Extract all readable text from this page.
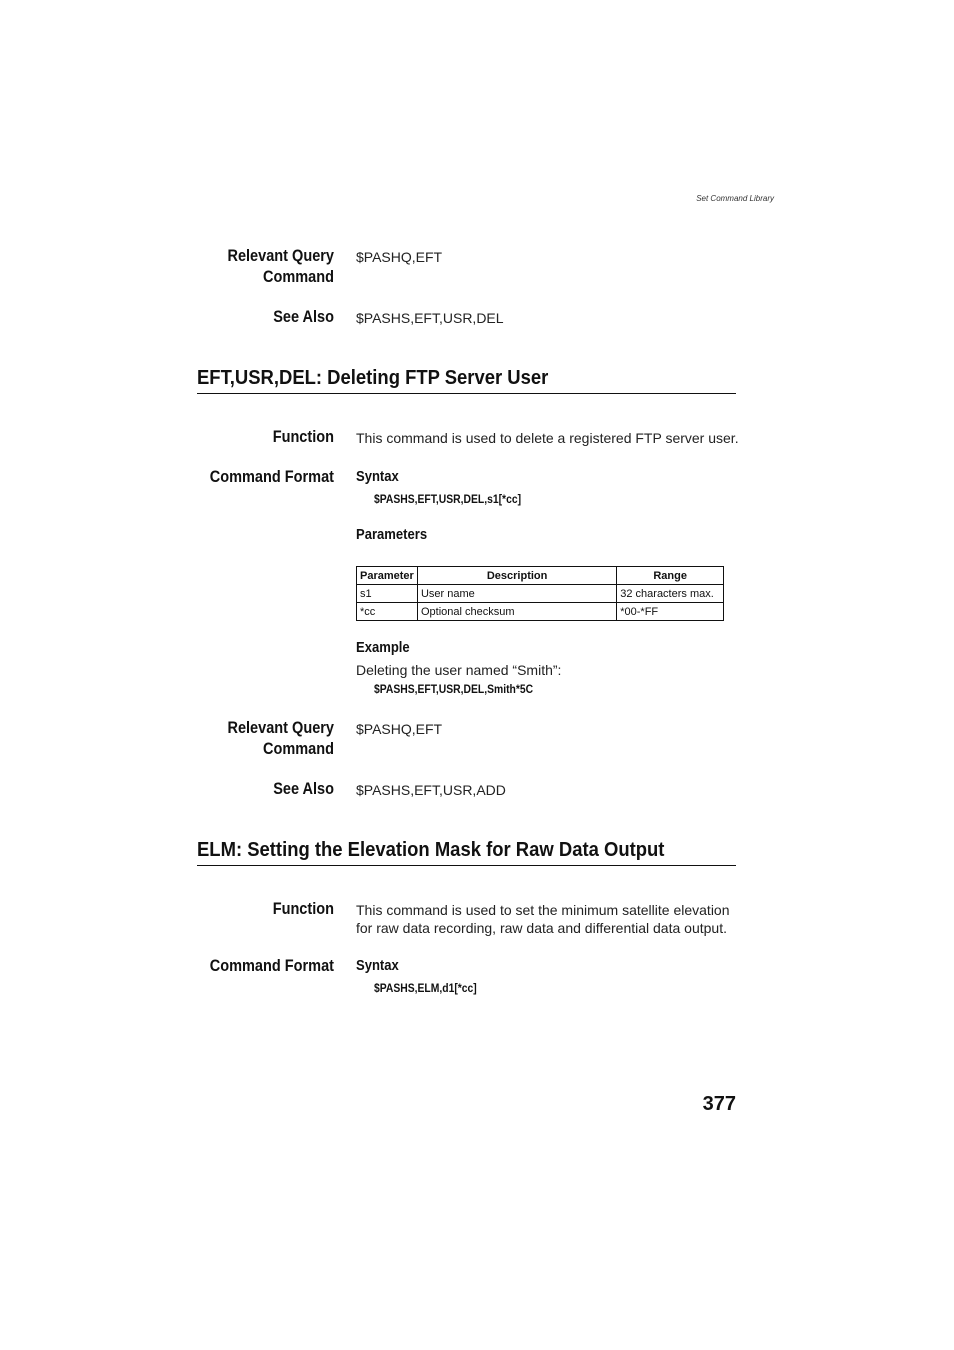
Set Command Library
Relevant Query
Command
$PASHQ,EFT
See Also $PASHS,EFT,USR,DEL
EFT,USR,DEL: Deleting FTP Server User
Function This command is used to delete a registered FTP server user.
Command Format Syntax
$PASHS,EFT,USR,DEL,s1[*cc]
Parameters
Parameter	Description	Range
s1	User name	32 characters max.
*cc	Optional checksum	*00-*FF
Example
Deleting the user named “Smith”:
$PASHS,EFT,USR,DEL,Smith*5C
Relevant Query
Command
$PASHQ,EFT
See Also $PASHS,EFT,USR,ADD
ELM: Setting the Elevation Mask for Raw Data Output
Function This command is used to set the minimum satellite elevation
for raw data recording, raw data and differential data output.
Command Format Syntax
$PASHS,ELM,d1[*cc]
377
